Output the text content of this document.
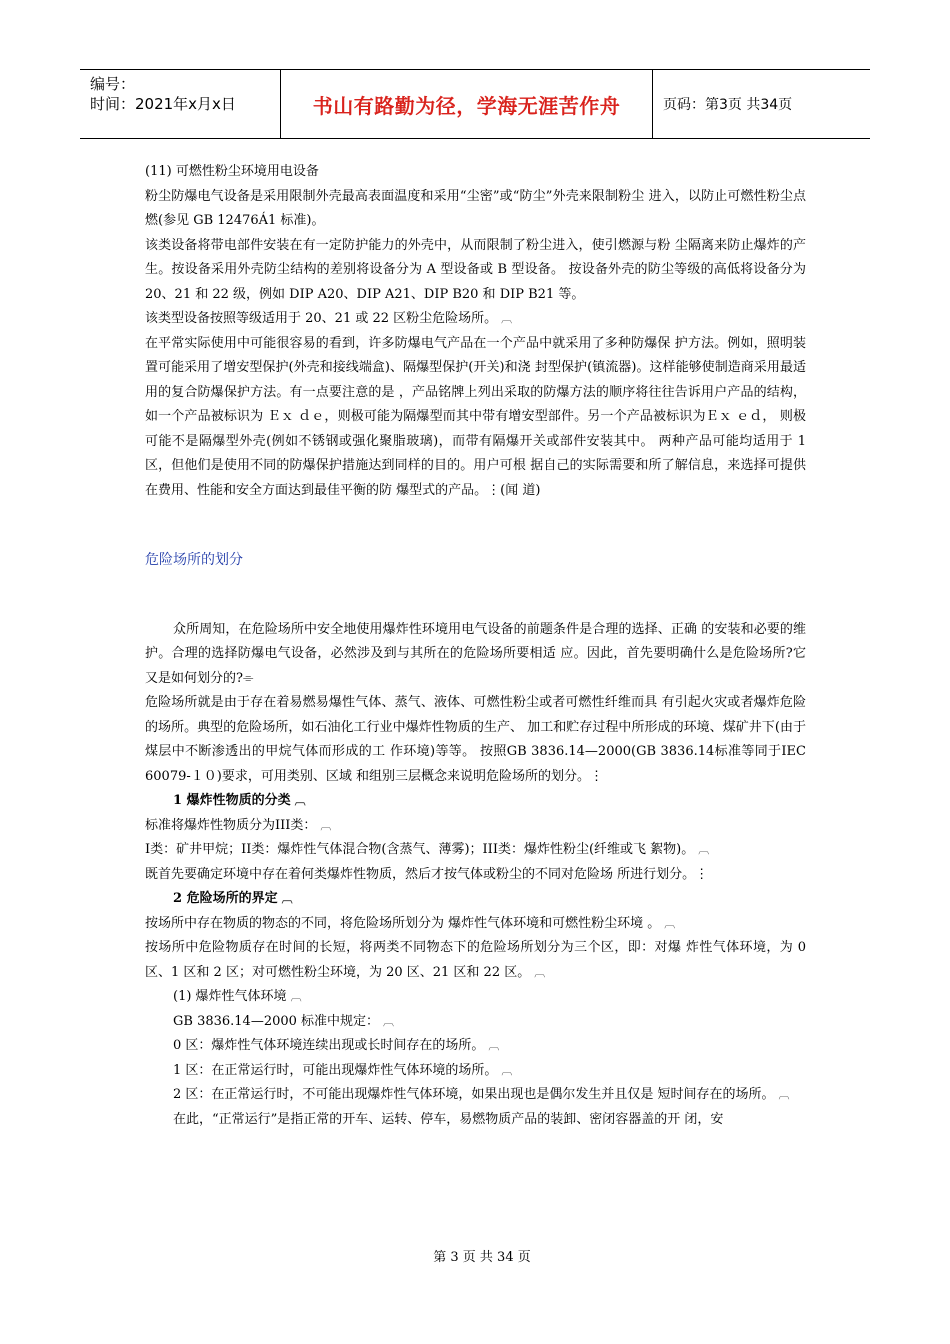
编号：
时间：2021年x月x日	书山有路勤为径，学海无涯苦作舟	页码：第3页 共34页

(11) 可燃性粉尘环境用电设备

粉尘防爆电气设备是采用限制外壳最高表面温度和采用“尘密”或“防尘”外壳来限制粉尘 进入，以防止可燃性粉尘点燃(参见 GB 12476Á1 标准)。

该类设备将带电部件安装在有一定防护能力的外壳中，从而限制了粉尘进入，使引燃源与粉 尘隔离来防止爆炸的产生。按设备采用外壳防尘结构的差别将设备分为 A 型设备或 B 型设备。 按设备外壳的防尘等级的高低将设备分为 20、21 和 22 级，例如 DIP A20、DIP A21、DIP B20 和 DIP B21 等。

该类型设备按照等级适用于 20、21 或 22 区粉尘危险场所。 ︹

在平常实际使用中可能很容易的看到，许多防爆电气产品在一个产品中就采用了多种防爆保 护方法。例如，照明装置可能采用了增安型保护(外壳和接线端盒)、隔爆型保护(开关)和浇 封型保护(镇流器)。这样能够使制造商采用最适用的复合防爆保护方法。有一点要注意的是 ，产品铭牌上列出采取的防爆方法的顺序将往往告诉用户产品的结构，如一个产品被标识为 Ｅｘ ｄｅ，则极可能为隔爆型而其中带有增安型部件。另一个产品被标识为Ｅｘ ｅｄ， 则极可能不是隔爆型外壳(例如不锈钢或强化聚脂玻璃)，而带有隔爆开关或部件安装其中。 两种产品可能均适用于 1 区，但他们是使用不同的防爆保护措施达到同样的目的。用户可根 据自己的实际需要和所了解信息，来选择可提供在费用、性能和安全方面达到最佳平衡的防 爆型式的产品。⋮(闻 道)

危险场所的划分

众所周知，在危险场所中安全地使用爆炸性环境用电气设备的前题条件是合理的选择、正确 的安装和必要的维护。合理的选择防爆电气设备，必然涉及到与其所在的危险场所要相适 应。因此，首先要明确什么是危险场所?它又是如何划分的?⌯

危险场所就是由于存在着易燃易爆性气体、蒸气、液体、可燃性粉尘或者可燃性纤维而具 有引起火灾或者爆炸危险的场所。典型的危险场所，如石油化工行业中爆炸性物质的生产、 加工和贮存过程中所形成的环境、煤矿井下(由于煤层中不断渗透出的甲烷气体而形成的工 作环境)等等。 按照GB 3836.14—2000(GB 3836.14标准等同于IEC 60079-１０)要求，可用类别、区域 和组别三层概念来说明危险场所的划分。⋮

1 爆炸性物质的分类 ︹

标准将爆炸性物质分为III类： ︹

I类：矿井甲烷；II类：爆炸性气体混合物(含蒸气、薄雾)；III类：爆炸性粉尘(纤维或飞 絮物)。 ︹

既首先要确定环境中存在着何类爆炸性物质，然后才按气体或粉尘的不同对危险场 所进行划分。⋮

2 危险场所的界定 ︹

按场所中存在物质的物态的不同，将危险场所划分为 爆炸性气体环境和可燃性粉尘环境 。 ︹

按场所中危险物质存在时间的长短，将两类不同物态下的危险场所划分为三个区，即：对爆 炸性气体环境，为 0 区、1 区和 2 区；对可燃性粉尘环境，为 20 区、21 区和 22 区。 ︹

(1) 爆炸性气体环境 ︹

GB 3836.14—2000 标准中规定： ︹

0 区：爆炸性气体环境连续出现或长时间存在的场所。 ︹

1 区：在正常运行时，可能出现爆炸性气体环境的场所。 ︹

2 区：在正常运行时，不可能出现爆炸性气体环境，如果出现也是偶尔发生并且仅是 短时间存在的场所。 ︹

在此，“正常运行”是指正常的开车、运转、停车，易燃物质产品的装卸、密闭容器盖的开 闭，安

第 3 页 共 34 页
